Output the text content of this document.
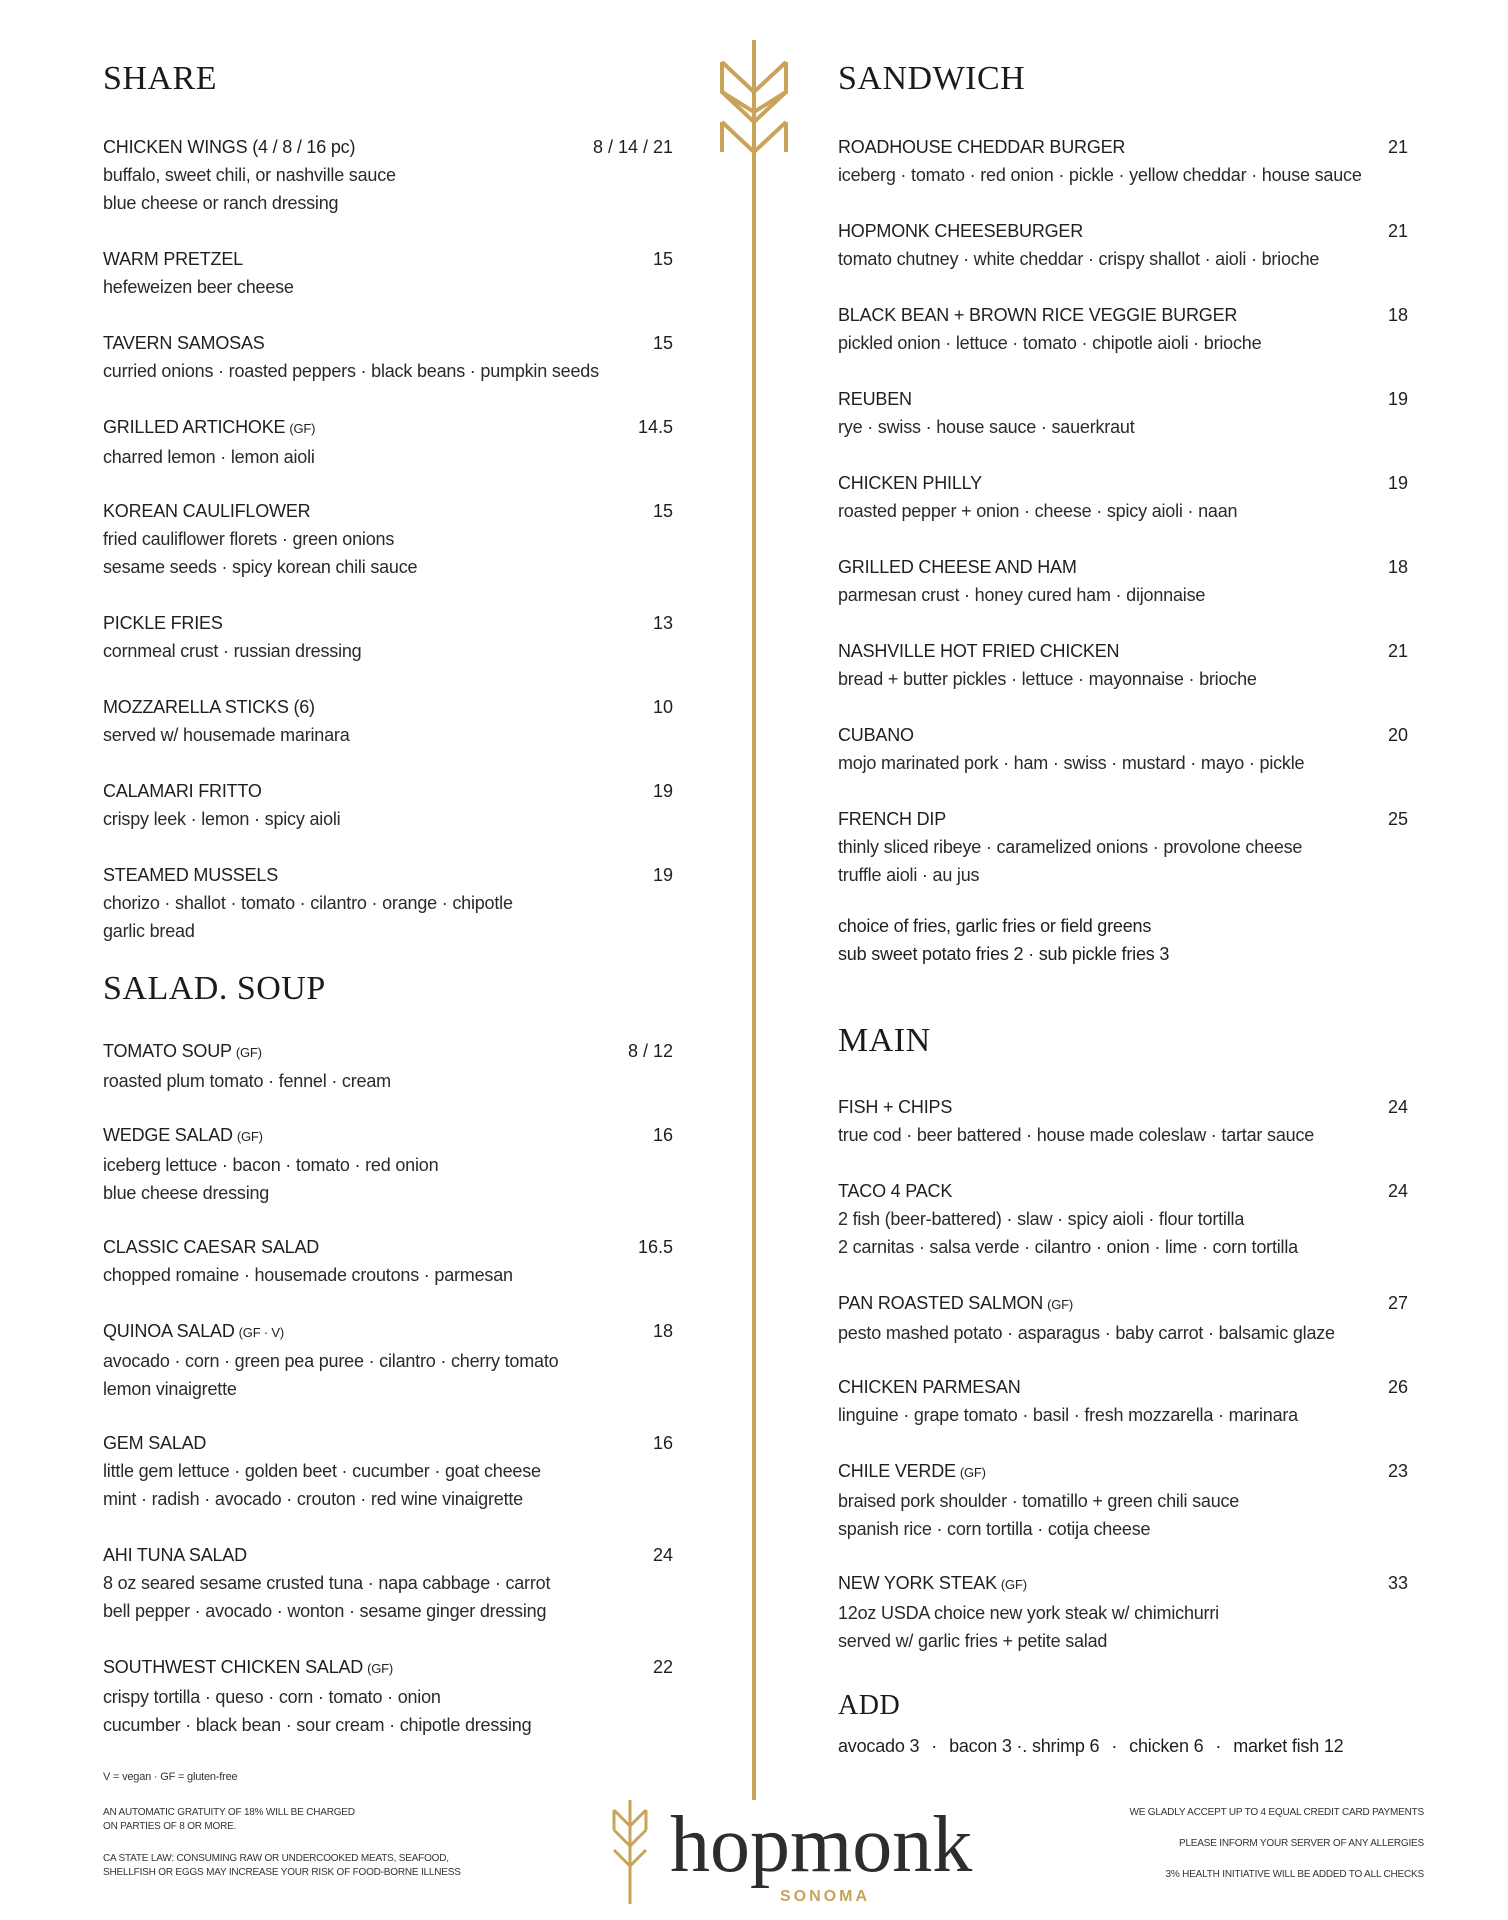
SHARE
CHICKEN WINGS (4 / 8 / 16 pc)	8 / 14 / 21
buffalo, sweet chili, or nashville sauce
blue cheese or ranch dressing
WARM PRETZEL	15
hefeweizen beer cheese
TAVERN SAMOSAS	15
curried onions · roasted peppers · black beans · pumpkin seeds
GRILLED ARTICHOKE (GF)	14.5
charred lemon · lemon aioli
KOREAN CAULIFLOWER	15
fried cauliflower florets · green onions
sesame seeds · spicy korean chili sauce
PICKLE FRIES	13
cornmeal crust · russian dressing
MOZZARELLA STICKS (6)	10
served w/ housemade marinara
CALAMARI FRITTO	19
crispy leek · lemon · spicy aioli
STEAMED MUSSELS	19
chorizo · shallot · tomato · cilantro · orange · chipotle
garlic bread
SALAD. SOUP
TOMATO SOUP (GF)	8 / 12
roasted plum tomato · fennel · cream
WEDGE SALAD (GF)	16
iceberg lettuce · bacon · tomato · red onion
blue cheese dressing
CLASSIC CAESAR SALAD	16.5
chopped romaine · housemade croutons · parmesan
QUINOA SALAD (GF · V)	18
avocado · corn · green pea puree · cilantro · cherry tomato
lemon vinaigrette
GEM SALAD	16
little gem lettuce · golden beet · cucumber · goat cheese
mint · radish · avocado · crouton · red wine vinaigrette
AHI TUNA SALAD	24
8 oz seared sesame crusted tuna · napa cabbage · carrot
bell pepper · avocado · wonton · sesame ginger dressing
SOUTHWEST CHICKEN SALAD (GF)	22
crispy tortilla · queso · corn · tomato · onion
cucumber · black bean · sour cream · chipotle dressing
V = vegan · GF = gluten-free
AN AUTOMATIC GRATUITY OF 18% WILL BE CHARGED
ON PARTIES OF 8 OR MORE.
CA STATE LAW: CONSUMING RAW OR UNDERCOOKED MEATS, SEAFOOD,
SHELLFISH OR EGGS MAY INCREASE YOUR RISK OF FOOD-BORNE ILLNESS
SANDWICH
ROADHOUSE CHEDDAR BURGER	21
iceberg · tomato · red onion · pickle · yellow cheddar · house sauce
HOPMONK CHEESEBURGER	21
tomato chutney · white cheddar · crispy shallot · aioli · brioche
BLACK BEAN + BROWN RICE VEGGIE BURGER	18
pickled onion · lettuce · tomato · chipotle aioli · brioche
REUBEN	19
rye · swiss · house sauce · sauerkraut
CHICKEN PHILLY	19
roasted pepper + onion · cheese · spicy aioli · naan
GRILLED CHEESE AND HAM	18
parmesan crust · honey cured ham · dijonnaise
NASHVILLE HOT FRIED CHICKEN	21
bread + butter pickles · lettuce · mayonnaise · brioche
CUBANO	20
mojo marinated pork · ham · swiss · mustard · mayo · pickle
FRENCH DIP	25
thinly sliced ribeye · caramelized onions · provolone cheese
truffle aioli · au jus
choice of fries, garlic fries or field greens
sub sweet potato fries 2 · sub pickle fries 3
MAIN
FISH + CHIPS	24
true cod · beer battered · house made coleslaw · tartar sauce
TACO 4 PACK	24
2 fish (beer-battered) · slaw · spicy aioli · flour tortilla
2 carnitas · salsa verde · cilantro · onion · lime · corn tortilla
PAN ROASTED SALMON (GF)	27
pesto mashed potato · asparagus · baby carrot · balsamic glaze
CHICKEN PARMESAN	26
linguine · grape tomato · basil · fresh mozzarella · marinara
CHILE VERDE (GF)	23
braised pork shoulder · tomatillo + green chili sauce
spanish rice · corn tortilla · cotija cheese
NEW YORK STEAK (GF)	33
12oz USDA choice new york steak w/ chimichurri
served w/ garlic fries + petite salad
ADD
avocado 3 · bacon 3 ·. shrimp 6 · chicken 6 · market fish 12
WE GLADLY ACCEPT UP TO 4 EQUAL CREDIT CARD PAYMENTS
PLEASE INFORM YOUR SERVER OF ANY ALLERGIES
3% HEALTH INITIATIVE WILL BE ADDED TO ALL CHECKS
hopmonk
SONOMA
